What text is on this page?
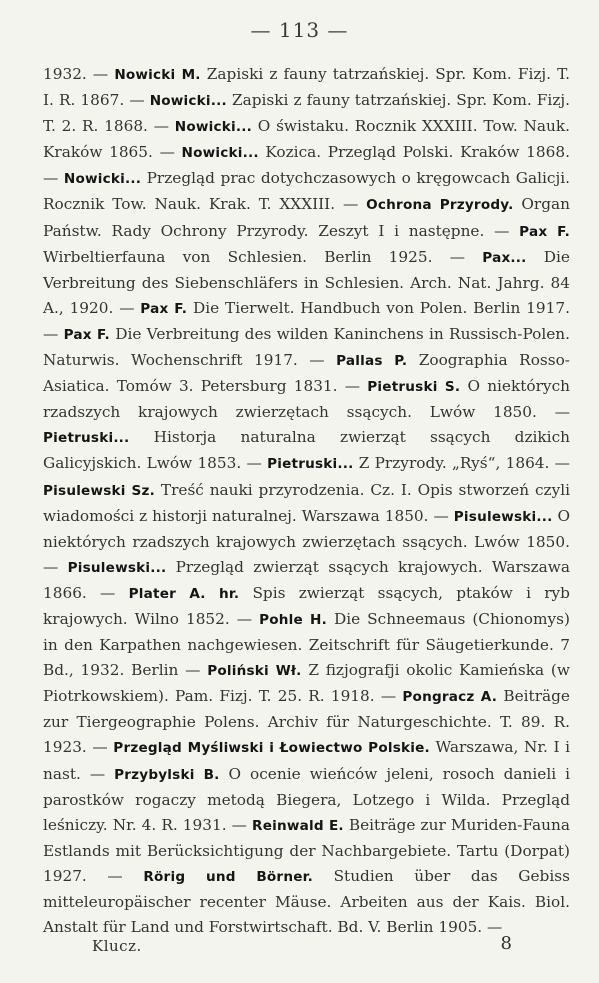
— 113 —
1932. — Nowicki M. Zapiski z fauny tatrzańskiej. Spr. Kom. Fizj. T. I. R. 1867. — Nowicki... Zapiski z fauny tatrzańskiej. Spr. Kom. Fizj. T. 2. R. 1868. — Nowicki... O świstaku. Rocznik XXXIII. Tow. Nauk. Kraków 1865. — Nowicki... Kozica. Przegląd Polski. Kraków 1868. — Nowicki... Przegląd prac dotychczasowych o kręgowcach Galicji. Rocznik Tow. Nauk. Krak. T. XXXIII. — Ochrona Przyrody. Organ Państw. Rady Ochrony Przyrody. Zeszyt I i następne. — Pax F. Wirbeltierfauna von Schlesien. Berlin 1925. — Pax... Die Verbreitung des Siebenschläfers in Schlesien. Arch. Nat. Jahrg. 84 A., 1920. — Pax F. Die Tierwelt. Handbuch von Polen. Berlin 1917. — Pax F. Die Verbreitung des wilden Kaninchens in Russisch-Polen. Naturwis. Wochenschrift 1917. — Pallas P. Zoographia Rosso-Asiatica. Tomów 3. Petersburg 1831. — Pietruski S. O niektórych rzadszych krajowych zwierzętach ssących. Lwów 1850. — Pietruski... Historja naturalna zwierząt ssących dzikich Galicyjskich. Lwów 1853. — Pietruski... Z Przyrody. „Ryś“, 1864. — Pisulewski Sz. Treść nauki przyrodzenia. Cz. I. Opis stworzeń czyli wiadomości z historji naturalnej. Warszawa 1850. — Pisulewski... O niektórych rzadszych krajowych zwierzętach ssących. Lwów 1850. — Pisulewski... Przegląd zwierząt ssących krajowych. Warszawa 1866. — Plater A. hr. Spis zwierząt ssących, ptaków i ryb krajowych. Wilno 1852. — Pohle H. Die Schneemaus (Chionomys) in den Karpathen nachgewiesen. Zeitschrift für Säugetierkunde. 7 Bd., 1932. Berlin — Poliński Wł. Z fizjografji okolic Kamieńska (w Piotrkowskiem). Pam. Fizj. T. 25. R. 1918. — Pongracz A. Beiträge zur Tiergeographie Polens. Archiv für Naturgeschichte. T. 89. R. 1923. — Przegląd Myśliwski i Łowiectwo Polskie. Warszawa, Nr. I i nast. — Przybylski B. O ocenie wieńców jeleni, rosoch danieli i parostków rogaczy metodą Biegera, Lotzego i Wilda. Przegląd leśniczy. Nr. 4. R. 1931. — Reinwald E. Beiträge zur Muriden-Fauna Estlands mit Berücksichtigung der Nachbargebiete. Tartu (Dorpat) 1927. — Rörig und Börner. Studien über das Gebiss mitteleuropäischer recenter Mäuse. Arbeiten aus der Kais. Biol. Anstalt für Land und Forstwirtschaft. Bd. V. Berlin 1905. —
Klucz.	8
